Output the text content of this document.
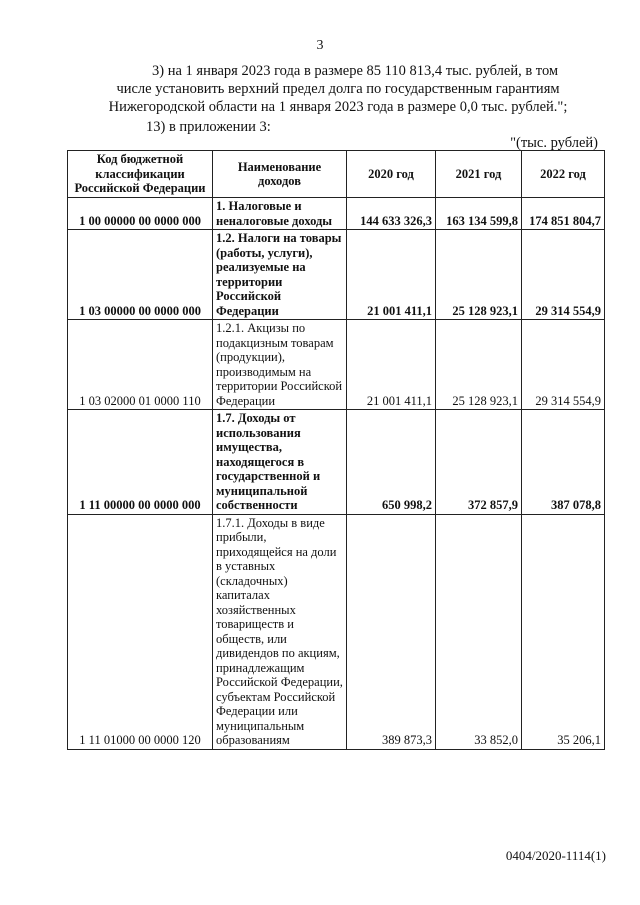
3
3) на 1 января 2023 года в размере 85 110 813,4 тыс. рублей, в том
числе установить верхний предел долга по государственным гарантиям
Нижегородской области на 1 января 2023 года в размере 0,0 тыс. рублей.";
13) в приложении 3:
"(тыс. рублей)
Код бюджетной классификации Российской Федерации	Наименование доходов	2020 год	2021 год	2022 год
1 00 00000 00 0000 000	1. Налоговые и неналоговые доходы	144 633 326,3	163 134 599,8	174 851 804,7
1 03 00000 00 0000 000	1.2. Налоги на товары (работы, услуги), реализуемые на территории Российской Федерации	21 001 411,1	25 128 923,1	29 314 554,9
1 03 02000 01 0000 110	1.2.1. Акцизы по подакцизным товарам (продукции), производимым на территории Российской Федерации	21 001 411,1	25 128 923,1	29 314 554,9
1 11 00000 00 0000 000	1.7. Доходы от использования имущества, находящегося в государственной и муниципальной собственности	650 998,2	372 857,9	387 078,8
1 11 01000 00 0000 120	1.7.1. Доходы в виде прибыли, приходящейся на доли в уставных (складочных) капиталах хозяйственных товариществ и обществ, или дивидендов по акциям, принадлежащим Российской Федерации, субъектам Российской Федерации или муниципальным образованиям	389 873,3	33 852,0	35 206,1
0404/2020-1114(1)
